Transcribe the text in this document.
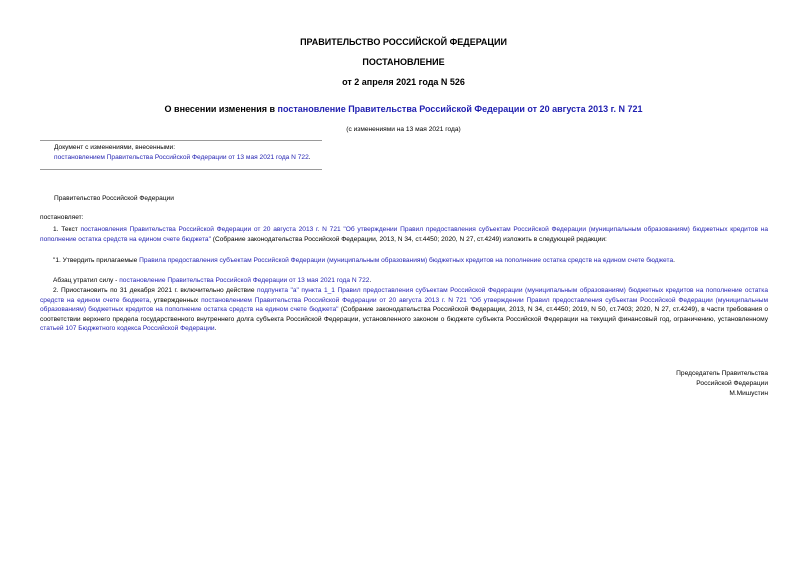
ПРАВИТЕЛЬСТВО РОССИЙСКОЙ ФЕДЕРАЦИИ
ПОСТАНОВЛЕНИЕ
от 2 апреля 2021 года N 526
О внесении изменения в постановление Правительства Российской Федерации от 20 августа 2013 г. N 721
(с изменениями на 13 мая 2021 года)
Документ с изменениями, внесенными:
постановлением Правительства Российской Федерации от 13 мая 2021 года N 722.
Правительство Российской Федерации
постановляет:
1. Текст постановления Правительства Российской Федерации от 20 августа 2013 г. N 721 "Об утверждении Правил предоставления субъектам Российской Федерации (муниципальным образованиям) бюджетных кредитов на пополнение остатка средств на едином счете бюджета" (Собрание законодательства Российской Федерации, 2013, N 34, ст.4450; 2020, N 27, ст.4249) изложить в следующей редакции:
"1. Утвердить прилагаемые Правила предоставления субъектам Российской Федерации (муниципальным образованиям) бюджетных кредитов на пополнение остатка средств на едином счете бюджета.
Абзац утратил силу - постановление Правительства Российской Федерации от 13 мая 2021 года N 722.
2. Приостановить по 31 декабря 2021 г. включительно действие подпункта "а" пункта 1_1 Правил предоставления субъектам Российской Федерации (муниципальным образованиям) бюджетных кредитов на пополнение остатка средств на едином счете бюджета, утвержденных постановлением Правительства Российской Федерации от 20 августа 2013 г. N 721 "Об утверждении Правил предоставления субъектам Российской Федерации (муниципальным образованиям) бюджетных кредитов на пополнение остатка средств на едином счете бюджета" (Собрание законодательства Российской Федерации, 2013, N 34, ст.4450; 2019, N 50, ст.7403; 2020, N 27, ст.4249), в части требования о соответствии верхнего предела государственного внутреннего долга субъекта Российской Федерации, установленного законом о бюджете субъекта Российской Федерации на текущий финансовый год, ограничению, установленному статьей 107 Бюджетного кодекса Российской Федерации.
Председатель Правительства
Российской Федерации
М.Мишустин
